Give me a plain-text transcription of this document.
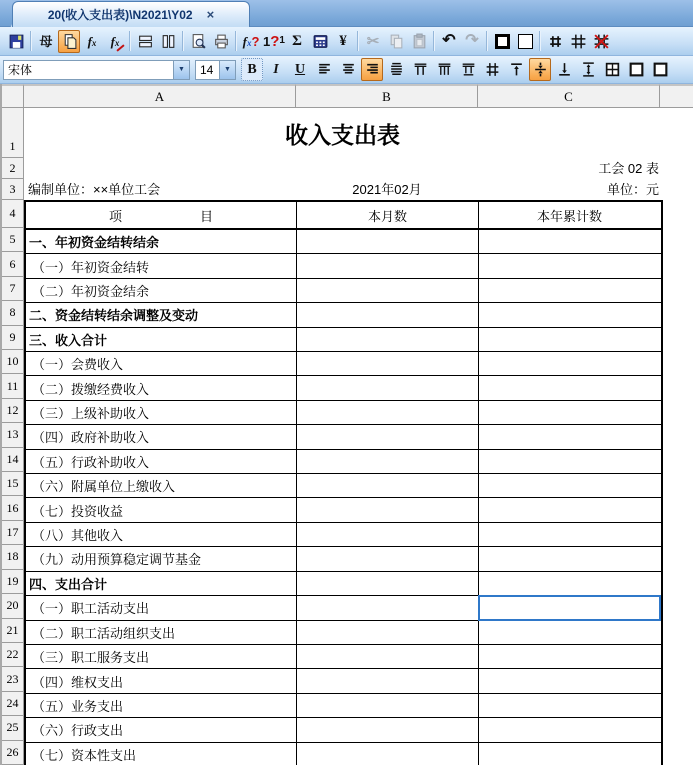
20(收入支出表)\N2021\Y02 ×
母	fx fx	fx ? 1 ? 1 Σ ¥ ✂	↶ ↷
宋体	▼	14	▼ B I U
A	B	C
1
2
3
4
5
6
7
8
9
10
11
12
13
14
15
16
17
18
19
20
21
22
23
24
25
26
收入支出表
工会 02 表
编制单位：××单位工会	2021年02月	单位：元
项　　　　　　目	本月数	本年累计数
一、年初资金结转结余
（一）年初资金结转
（二）年初资金结余
二、资金结转结余调整及变动
三、收入合计
（一）会费收入
（二）拨缴经费收入
（三）上级补助收入
（四）政府补助收入
（五）行政补助收入
（六）附属单位上缴收入
（七）投资收益
（八）其他收入
（九）动用预算稳定调节基金
四、支出合计
（一）职工活动支出
（二）职工活动组织支出
（三）职工服务支出
（四）维权支出
（五）业务支出
（六）行政支出
（七）资本性支出
